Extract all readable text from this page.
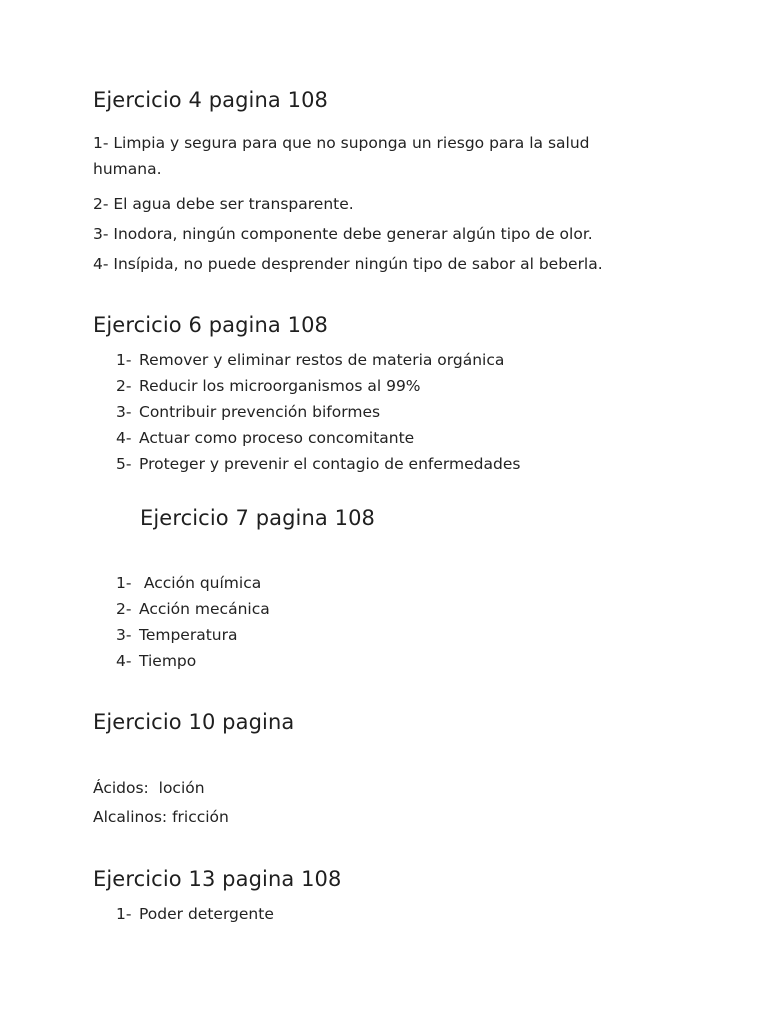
Ejercicio 4 pagina 108

1- Limpia y segura para que no suponga un riesgo para la salud humana.

2- El agua debe ser transparente.

3- Inodora, ningún componente debe generar algún tipo de olor.

4- Insípida, no puede desprender ningún tipo de sabor al beberla.

Ejercicio 6 pagina 108
1- Remover y eliminar restos de materia orgánica
2- Reducir los microorganismos al 99%
3- Contribuir prevención biformes
4- Actuar como proceso concomitante
5- Proteger y prevenir el contagio de enfermedades
Ejercicio 7 pagina 108
1- Acción química
2- Acción mecánica
3- Temperatura
4- Tiempo
Ejercicio 10 pagina

Ácidos:  loción

Alcalinos: fricción

Ejercicio 13 pagina 108
1- Poder detergente
